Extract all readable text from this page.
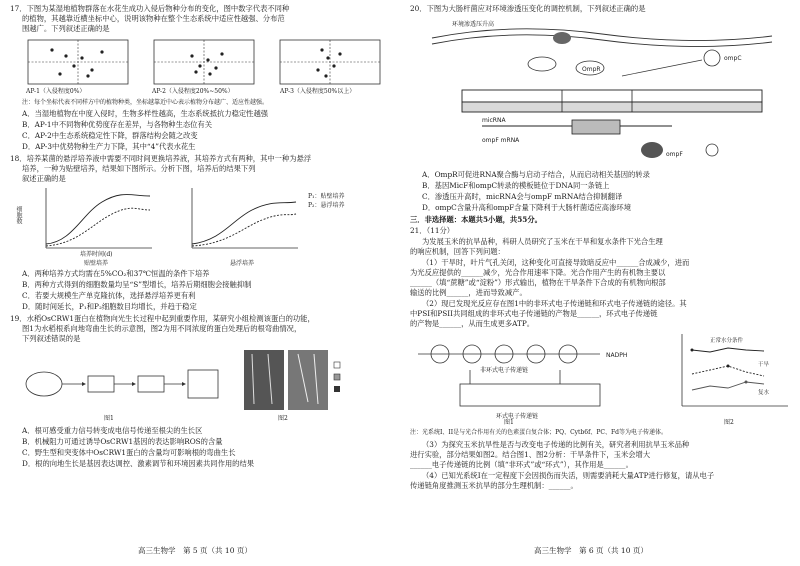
17．下图为某湿地植物群落在水花生成功入侵后物种分布的变化，图中数字代表不同种
的植物，其越靠近横坐标中心，说明该物种在整个生态系统中适应性越强、分布范
围越广。下列叙述正确的是
AP-1（入侵程度0%）	AP-2（入侵程度20%~50%）	AP-3（入侵程度50%以上）
注：每个坐标代表不同样方中的植物种类，坐标越靠近中心表示植物分布越广、适应性越强。
A．当湿地植物在中度入侵时，生物多样性越高，生态系统抵抗力稳定性越强
B．AP-1中不同物种优势度存在差异，与各物种生态位有关
C．AP-2中生态系统稳定性下降，群落结构会随之改变
D．AP-3中优势物种生产力下降，其中“4”代表水花生
18．培养某菌的悬浮培养液中需要不同时间更换培养液，其培养方式有两种，其中一种为悬浮
培养，一种为贴壁培养，结果如下图所示。分析下图，培养后的结果下列
叙述正确的是
细胞数
P₁：贴壁培养
P₂：悬浮培养
培养时间(d)
贴壁培养	悬浮培养
A．两种培养方式均需在5%CO₂和37℃恒温的条件下培养
B．两种方式得到的细胞数量均呈“S”型增长，培养后期细胞会接触抑制
C．若要大规模生产单克隆抗体，选择悬浮培养更有利
D．随时间延长，P₁和P₂细胞数目均增长，并趋于稳定
19．水稻OsCRW1蛋白在植物向光生长过程中起到重要作用，某研究小组检测该蛋白的功能，
图1为水稻根系向地弯曲生长的示意图，图2为用不同浓度的蛋白处理后的根弯曲情况，
下列叙述错误的是
图1	图2
A．根可感受重力信号转变成电信号传递至根尖的生长区
B．机械阻力可通过诱导OsCRW1基因的表达影响ROS的含量
C．野生型和突变体中OsCRW1蛋白的含量均可影响根的弯曲生长
D．根的向地生长是基因表达调控、激素调节和环境因素共同作用的结果
高三生物学　第 5 页（共 10 页）
20．下图为大肠杆菌应对环境渗透压变化的调控机制，下列叙述正确的是
环境渗透压升高
OmpR
micRNA
ompF mRNA
ompF
ompC
A．OmpR可促进RNA聚合酶与启动子结合，从而启动相关基因的转录
B．基因MicF和ompC转录的模板链位于DNA同一条链上
C．渗透压升高时，micRNA会与ompF mRNA结合抑制翻译
D．ompC含量升高和ompF含量下降利于大肠杆菌适应高渗环境
三．非选择题：本题共5小题，共55分。
21．（11分）
为发展玉米的抗旱品种，科研人员研究了玉米在干旱和复水条件下光合生理
的响应机制，回答下列问题：
（1）干旱时，叶片气孔关闭，这种变化可直接导致暗反应中______合成减少，进而
为光反应提供的______减少，光合作用速率下降。光合作用产生的有机物主要以
______（填“蔗糖”或“淀粉”）形式输出，植物在干旱条件下合成的有机物向根部
输送的比例______，进而导致减产。
（2）现已发现光反应存在图1中的非环式电子传递链和环式电子传递链的途径。其
中PSI和PSII共同组成的非环式电子传递链的产物是______，环式电子传递链
的产物是______，从而生成更多ATP。
非环式电子传递链
环式电子传递链
NADPH
正常水分条件
干旱
复水
图1	图2
注：光系统I、II是与光合作用有关的色素蛋白复合体；PQ、Cytb6f、PC、Fd等为电子传递体。
（3）为探究玉米抗旱性是否与改变电子传递的比例有关，研究者利用抗旱玉米品种
进行实验，部分结果如图2。结合图1、图2分析：干旱条件下，玉米会增大
______电子传递链的比例（填“非环式”或“环式”），其作用是______。
（4）已知光系统I在一定程度下会因损伤而失活，则需要消耗大量ATP进行修复，请从电子
传递链角度推测玉米抗旱的部分生理机制：______。
高三生物学　第 6 页（共 10 页）
